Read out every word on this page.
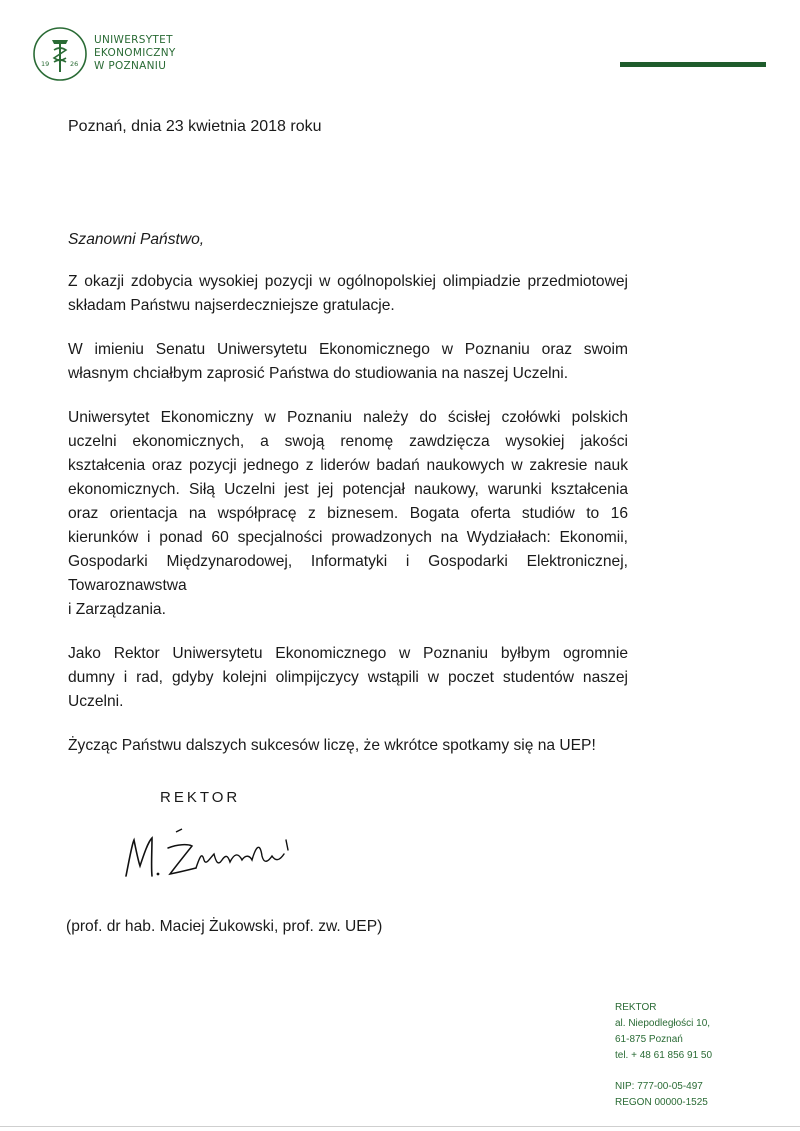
19	26
UNIWERSYTET
EKONOMICZNY
W POZNANIU
Poznań, dnia 23 kwietnia 2018 roku

Szanowni Państwo,

Z okazji zdobycia wysokiej pozycji w ogólnopolskiej olimpiadzie przedmiotowej
składam Państwu najserdeczniejsze gratulacje.

W imieniu Senatu Uniwersytetu Ekonomicznego w Poznaniu oraz swoim
własnym chciałbym zaprosić Państwa do studiowania na naszej Uczelni.

Uniwersytet Ekonomiczny w Poznaniu należy do ścisłej czołówki polskich
uczelni ekonomicznych, a swoją renomę zawdzięcza wysokiej jakości
kształcenia oraz pozycji jednego z liderów badań naukowych w zakresie nauk
ekonomicznych. Siłą Uczelni jest jej potencjał naukowy, warunki kształcenia
oraz orientacja na współpracę z biznesem. Bogata oferta studiów to 16
kierunków i ponad 60 specjalności prowadzonych na Wydziałach: Ekonomii,
Gospodarki Międzynarodowej, Informatyki i Gospodarki Elektronicznej,
Towaroznawstwa
i Zarządzania.

Jako Rektor Uniwersytetu Ekonomicznego w Poznaniu byłbym ogromnie
dumny i rad, gdyby kolejni olimpijczycy wstąpili w poczet studentów naszej
Uczelni.

Życząc Państwu dalszych sukcesów liczę, że wkrótce spotkamy się na UEP!

REKTOR
(prof. dr hab. Maciej Żukowski, prof. zw. UEP)
REKTOR
al. Niepodległości 10,
61-875 Poznań
tel. + 48 61 856 91 50
NIP: 777-00-05-497
REGON 00000-1525
